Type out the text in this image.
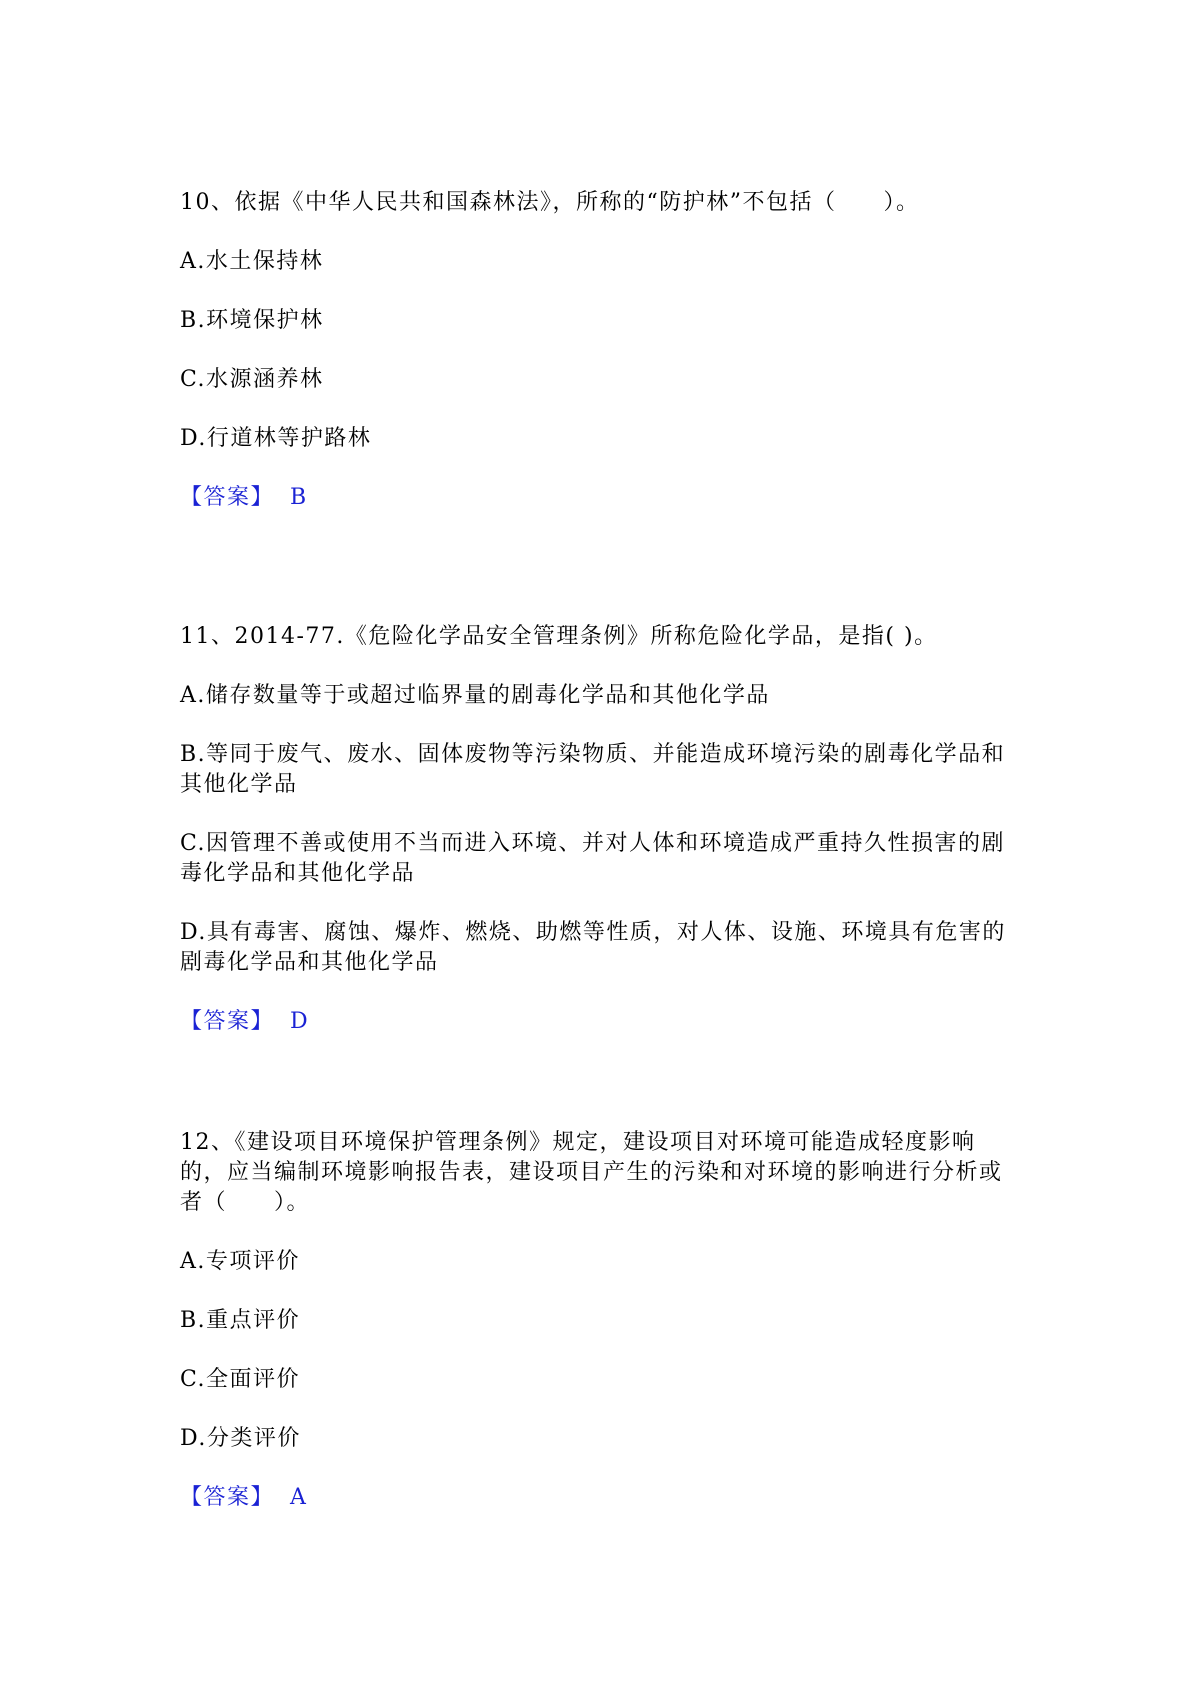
10、依据《中华人民共和国森林法》，所称的“防护林”不包括（　　）。

A.水土保持林

B.环境保护林

C.水源涵养林

D.行道林等护路林

【答案】 B

11、2014-77.《危险化学品安全管理条例》所称危险化学品，是指( )。

A.储存数量等于或超过临界量的剧毒化学品和其他化学品

B.等同于废气、废水、固体废物等污染物质、并能造成环境污染的剧毒化学品和其他化学品

C.因管理不善或使用不当而进入环境、并对人体和环境造成严重持久性损害的剧毒化学品和其他化学品

D.具有毒害、腐蚀、爆炸、燃烧、助燃等性质，对人体、设施、环境具有危害的剧毒化学品和其他化学品

【答案】 D

12、《建设项目环境保护管理条例》规定，建设项目对环境可能造成轻度影响的，应当编制环境影响报告表，建设项目产生的污染和对环境的影响进行分析或者（　　）。

A.专项评价

B.重点评价

C.全面评价

D.分类评价

【答案】 A
